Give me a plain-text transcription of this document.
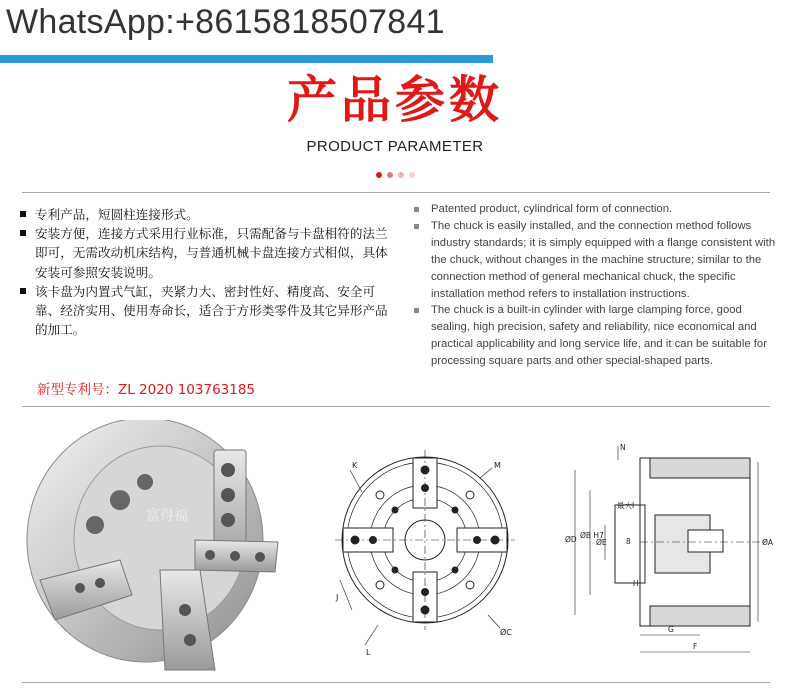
WhatsApp:+8615818507841
产品参数
PRODUCT PARAMETER
专利产品，短圆柱连接形式。
安装方便，连接方式采用行业标准，只需配备与卡盘相符的法兰即可，无需改动机床结构，与普通机械卡盘连接方式相似，具体安装可参照安装说明。
该卡盘为内置式气缸，夹紧力大、密封性好、精度高、安全可靠、经济实用、使用寿命长，适合于方形类零件及其它异形产品的加工。
新型专利号：ZL 2020 103763185
Patented product, cylindrical form of connection.
The chuck is easily installed, and the connection method follows industry standards; it is simply equipped with a flange consistent with the chuck, without changes in the machine structure; similar to the connection method of general mechanical chuck, the specific installation method refers to installation instructions.
The chuck is a built-in cylinder with large clamping force, good sealing, high precision, safety and reliability, nice economical and practical applicability and long service life, and it can be suitable for processing square parts and other special-shaped parts.
富得福
M
ØC
L
J
K
N
最大I
ØD ØB H7
ØE	8	ØA
H
G
F
